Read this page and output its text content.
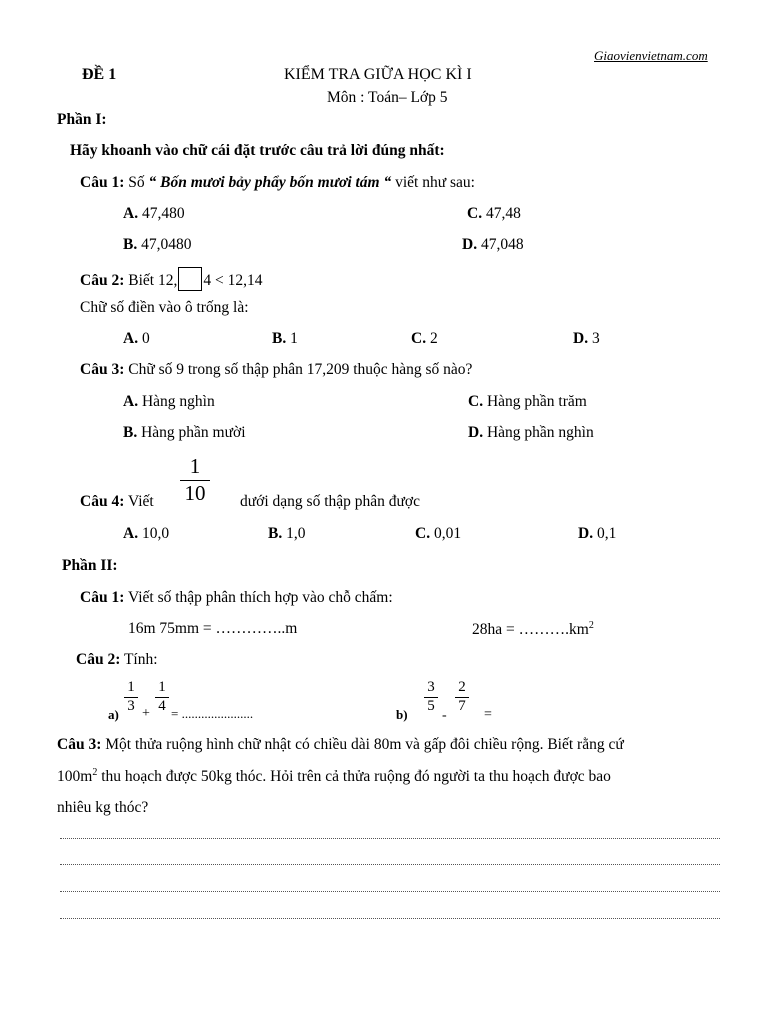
Giaovienvietnam.com
ĐỀ 1	KIỂM TRA GIỮA HỌC KÌ I
Môn : Toán– Lớp 5
Phần I:
Hãy khoanh vào chữ cái đặt trước câu trả lời đúng nhất:
Câu 1: Số “ Bốn mươi bảy phẩy bốn mươi tám “ viết như sau:
A. 47,480	C. 47,48
B. 47,0480	D. 47,048
Câu 2: Biết 12, 4 < 12,14
Chữ số điền vào ô trống là:
A. 0	B. 1	C. 2	D. 3
Câu 3: Chữ số 9 trong số thập phân 17,209 thuộc hàng số nào?
A. Hàng nghìn	C. Hàng phần trăm
B. Hàng phần mười	D. Hàng phần nghìn
Câu 4: Viết
1
10 dưới dạng số thập phân được
A. 10,0	B. 1,0	C. 0,01	D. 0,1
Phần II:
Câu 1: Viết số thập phân thích hợp vào chỗ chấm:
16m 75mm = …………..m	$28ha = \dots\dots\dots.km^2$
Câu 2: Tính:
a)
1
3 +
1
4 = ......................	b)
3
5
-
2
7
=
Câu 3: Một thửa ruộng hình chữ nhật có chiều dài 80m và gấp đôi chiều rộng. Biết rằng cứ
$100m^2$ thu hoạch được 50kg thóc. Hỏi trên cả thửa ruộng đó người ta thu hoạch được bao
nhiêu kg thóc?
